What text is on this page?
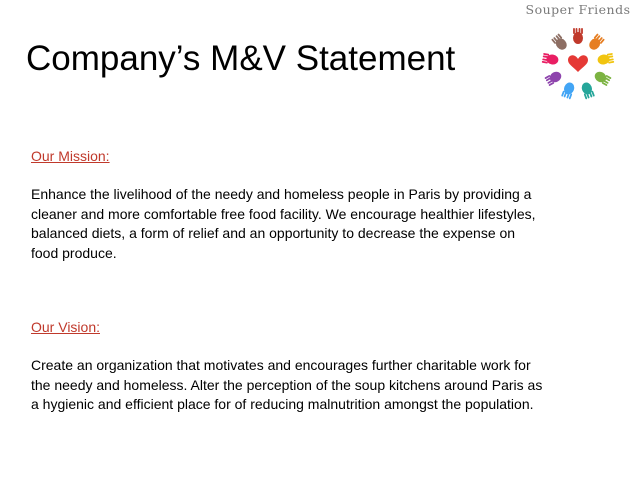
Souper Friends
Company’s M&V Statement

Our Mission:

Enhance the livelihood of the needy and homeless people in Paris by providing a
cleaner and more comfortable free food facility. We encourage healthier lifestyles,
balanced diets, a form of relief and an opportunity to decrease the expense on
food produce.

Our Vision:

Create an organization that motivates and encourages further charitable work for
the needy and homeless. Alter the perception of the soup kitchens around Paris as
a hygienic and efficient place for of reducing malnutrition amongst the population.
